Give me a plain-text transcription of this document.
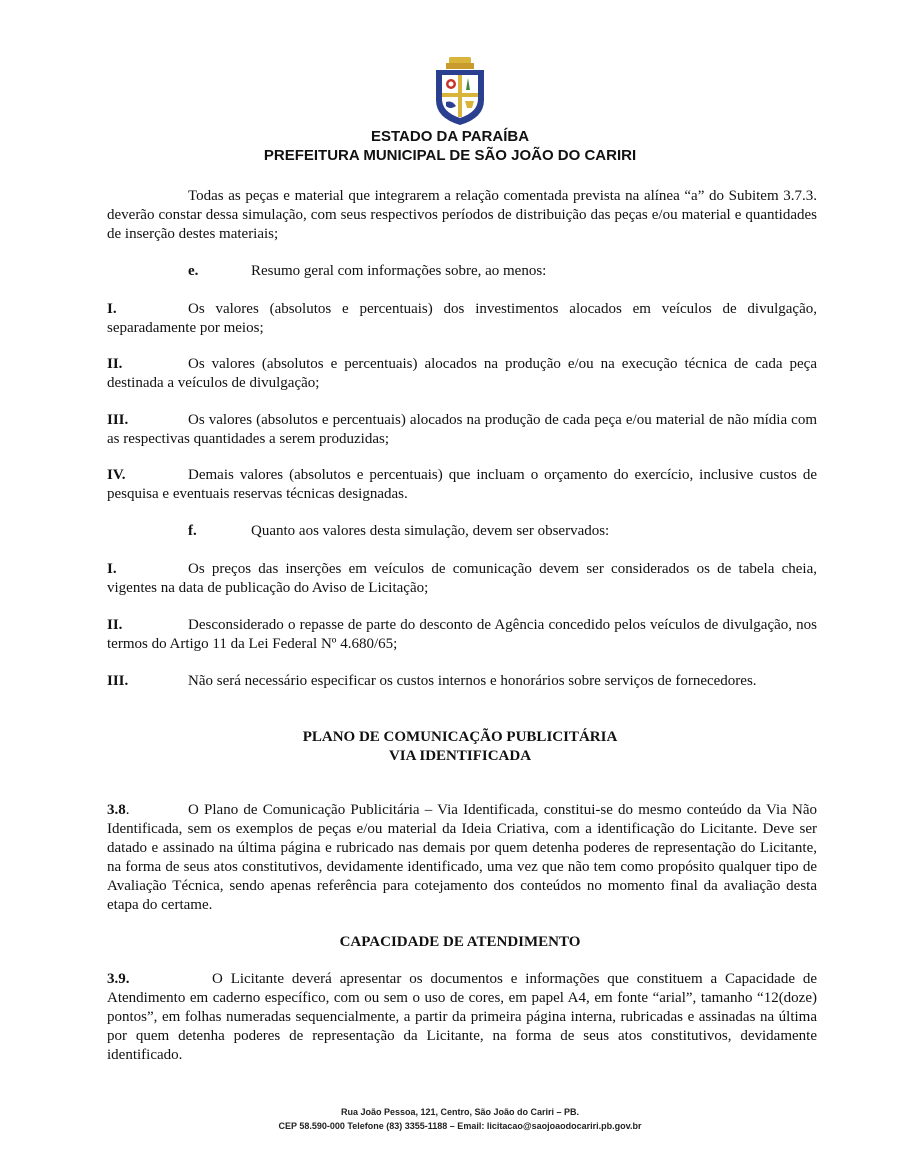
ESTADO DA PARAÍBA
PREFEITURA MUNICIPAL DE SÃO JOÃO DO CARIRI
Todas as peças e material que integrarem a relação comentada prevista na alínea “a” do Subitem 3.7.3. deverão constar dessa simulação, com seus respectivos períodos de distribuição das peças e/ou material e quantidades de inserção destes materiais;
e.	Resumo geral com informações sobre, ao menos:
I.	Os valores (absolutos e percentuais) dos investimentos alocados em veículos de divulgação, separadamente por meios;
II.	Os valores (absolutos e percentuais) alocados na produção e/ou na execução técnica de cada peça destinada a veículos de divulgação;
III.	Os valores (absolutos e percentuais) alocados na produção de cada peça e/ou material de não mídia com as respectivas quantidades a serem produzidas;
IV.	Demais valores (absolutos e percentuais) que incluam o orçamento do exercício, inclusive custos de pesquisa e eventuais reservas técnicas designadas.
f.	Quanto aos valores desta simulação, devem ser observados:
I.	Os preços das inserções em veículos de comunicação devem ser considerados os de tabela cheia, vigentes na data de publicação do Aviso de Licitação;
II.	Desconsiderado o repasse de parte do desconto de Agência concedido pelos veículos de divulgação, nos termos do Artigo 11 da Lei Federal Nº 4.680/65;
III.	Não será necessário especificar os custos internos e honorários sobre serviços de fornecedores.
PLANO DE COMUNICAÇÃO PUBLICITÁRIA
VIA IDENTIFICADA
3.8.	O Plano de Comunicação Publicitária – Via Identificada, constitui-se do mesmo conteúdo da Via Não Identificada, sem os exemplos de peças e/ou material da Ideia Criativa, com a identificação do Licitante. Deve ser datado e assinado na última página e rubricado nas demais por quem detenha poderes de representação do Licitante, na forma de seus atos constitutivos, devidamente identificado, uma vez que não tem como propósito qualquer tipo de Avaliação Técnica, sendo apenas referência para cotejamento dos conteúdos no momento final da avaliação desta etapa do certame.
CAPACIDADE DE ATENDIMENTO
3.9.	O Licitante deverá apresentar os documentos e informações que constituem a Capacidade de Atendimento em caderno específico, com ou sem o uso de cores, em papel A4, em fonte “arial”, tamanho “12(doze) pontos”, em folhas numeradas sequencialmente, a partir da primeira página interna, rubricadas e assinadas na última por quem detenha poderes de representação da Licitante, na forma de seus atos constitutivos, devidamente identificado.
Rua João Pessoa, 121, Centro, São João do Cariri – PB.
CEP 58.590-000 Telefone (83) 3355-1188 – Email: licitacao@saojoaodocariri.pb.gov.br
